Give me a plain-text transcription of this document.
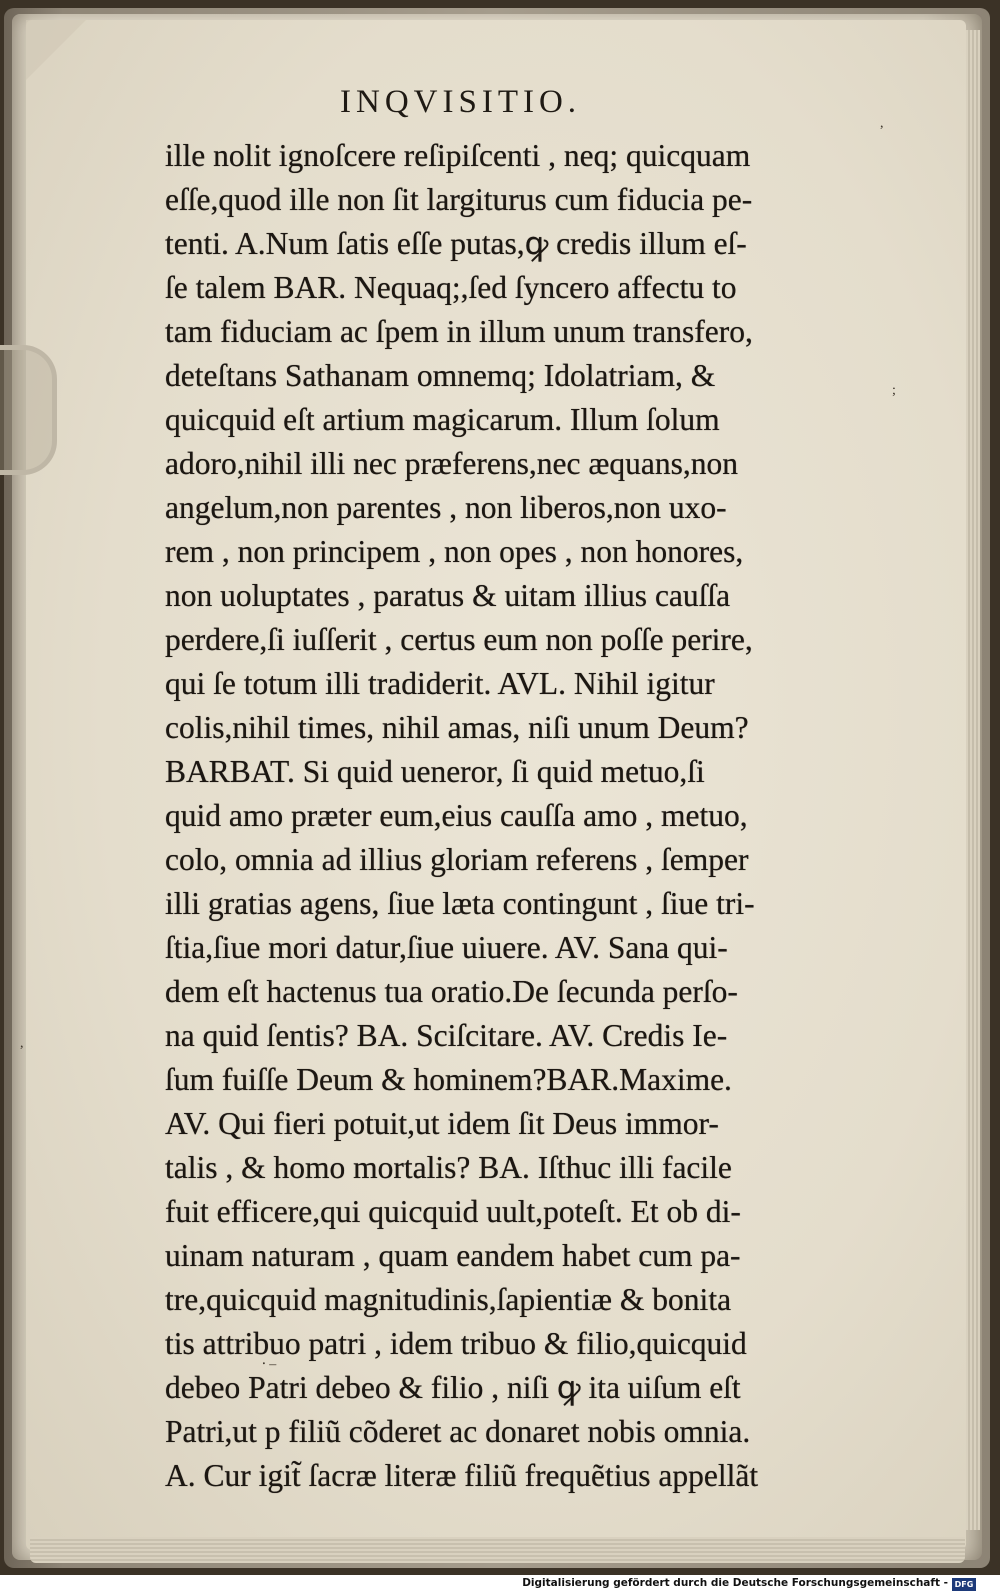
INQVISITIO.
ille nolit ignoſcere reſipiſcenti , neq; quicquam
eſſe,quod ille non ſit largiturus cum fiducia pe-
tenti. A.Num ſatis eſſe putas,ꝙ credis illum eſ-
ſe talem BAR. Nequaq;,ſed ſyncero affectu to
tam fiduciam ac ſpem in illum unum transfero,
deteſtans Sathanam omnemq; Idolatriam, &
quicquid eſt artium magicarum. Illum ſolum
adoro,nihil illi nec præferens,nec æquans,non
angelum,non parentes , non liberos,non uxo-
rem , non principem , non opes , non honores,
non uoluptates , paratus & uitam illius cauſſa
perdere,ſi iuſſerit , certus eum non poſſe perire,
qui ſe totum illi tradiderit. AVL. Nihil igitur
colis,nihil times, nihil amas, niſi unum Deum?
BARBAT. Si quid ueneror, ſi quid metuo,ſi
quid amo præter eum,eius cauſſa amo , metuo,
colo, omnia ad illius gloriam referens , ſemper
illi gratias agens, ſiue læta contingunt , ſiue tri-
ſtia,ſiue mori datur,ſiue uiuere. AV. Sana qui-
dem eſt hactenus tua oratio.De ſecunda perſo-
na quid ſentis? BA. Sciſcitare. AV. Credis Ie-
ſum fuiſſe Deum & hominem?BAR.Maxime.
AV. Qui fieri potuit,ut idem ſit Deus immor-
talis , & homo mortalis? BA. Iſthuc illi facile
fuit efficere,qui quicquid uult,poteſt. Et ob di-
uinam naturam , quam eandem habet cum pa-
tre,quicquid magnitudinis,ſapientiæ & bonita
tis attribuo patri , idem tribuo & filio,quicquid
debeo Patri debeo & filio , niſi ꝙ ita uiſum eſt
Patri,ut p filiũ cõderet ac donaret nobis omnia.
A. Cur igit̃ ſacræ literæ filiũ frequẽtius appellãt
⸱ ‒
,
;
,
Digitalisierung gefördert durch die Deutsche Forschungsgemeinschaft - DFG
